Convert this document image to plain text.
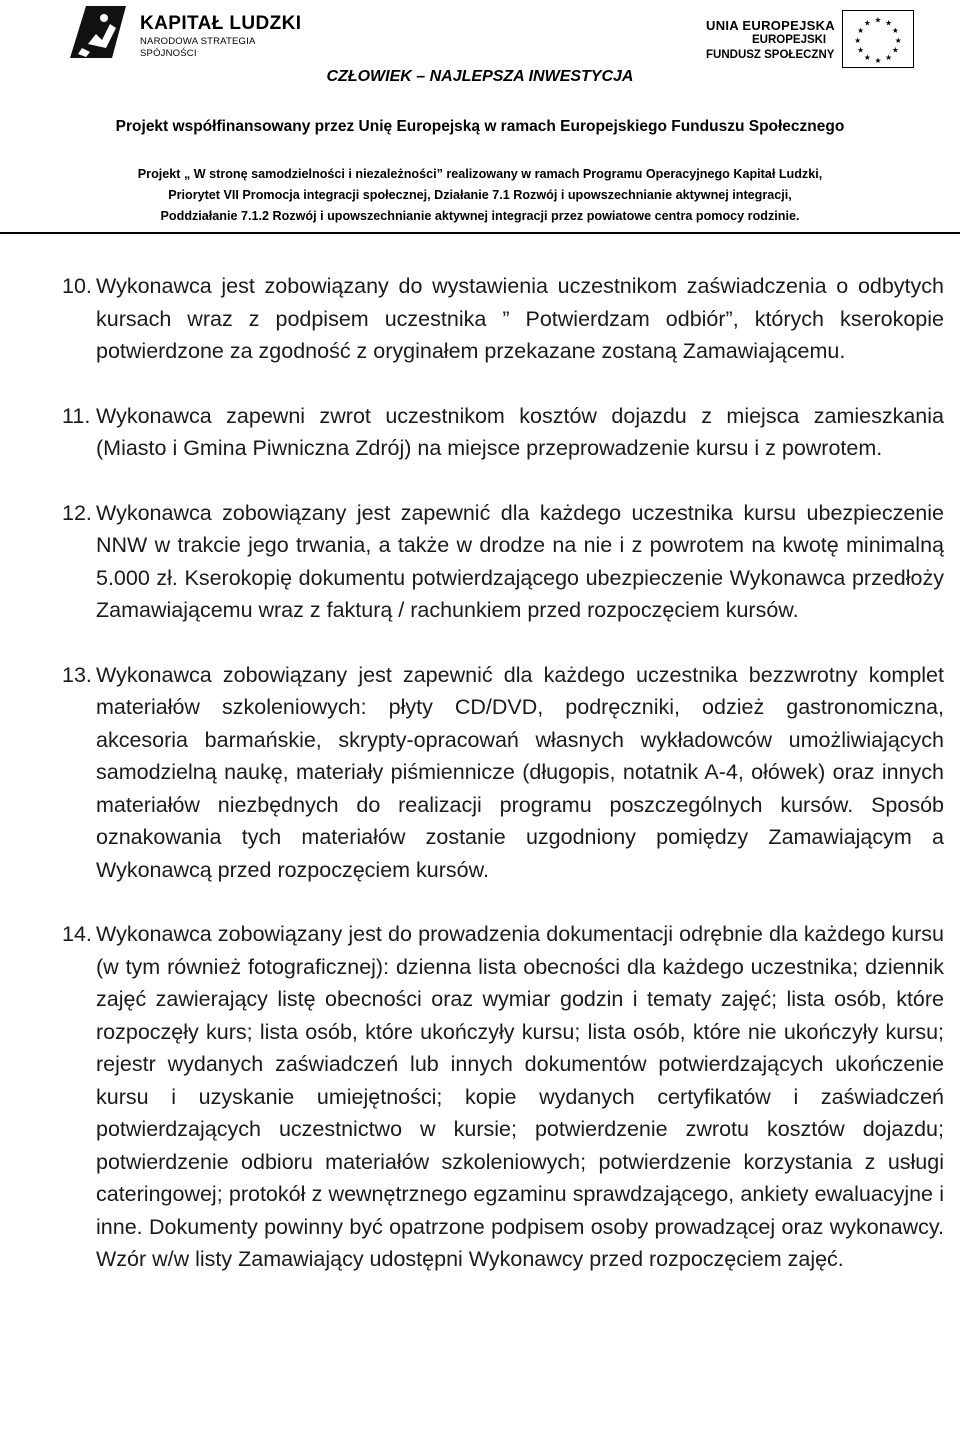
KAPITAŁ LUDZKI
NARODOWA STRATEGIA SPÓJNOŚCI
UNIA EUROPEJSKA
EUROPEJSKI
FUNDUSZ SPOŁECZNY
★ ★
★
★
★
★
★
★
★
★
★
★
CZŁOWIEK – NAJLEPSZA INWESTYCJA
Projekt współfinansowany przez Unię Europejską w ramach Europejskiego Funduszu Społecznego
Projekt „ W stronę samodzielności i niezależności” realizowany w ramach Programu Operacyjnego Kapitał Ludzki,
Priorytet VII Promocja integracji społecznej, Działanie 7.1 Rozwój i upowszechnianie aktywnej integracji,
Poddziałanie 7.1.2 Rozwój i upowszechnianie aktywnej integracji przez powiatowe centra pomocy rodzinie.
10. Wykonawca jest zobowiązany do wystawienia uczestnikom zaświadczenia o odbytych kursach wraz z podpisem uczestnika ” Potwierdzam odbiór”, których kserokopie potwierdzone za zgodność z oryginałem przekazane zostaną Zamawiającemu.
11. Wykonawca zapewni zwrot uczestnikom kosztów dojazdu z miejsca zamieszkania (Miasto i Gmina Piwniczna Zdrój) na miejsce przeprowadzenie kursu i z powrotem.
12. Wykonawca zobowiązany jest zapewnić dla każdego uczestnika kursu ubezpieczenie NNW w trakcie jego trwania, a także w drodze na nie i z powrotem na kwotę minimalną 5.000 zł. Kserokopię dokumentu potwierdzającego ubezpieczenie Wykonawca przedłoży Zamawiającemu wraz z fakturą / rachunkiem przed rozpoczęciem kursów.
13. Wykonawca zobowiązany jest zapewnić dla każdego uczestnika bezzwrotny komplet materiałów szkoleniowych: płyty CD/DVD, podręczniki, odzież gastronomiczna, akcesoria barmańskie, skrypty-opracowań własnych wykładowców umożliwiających samodzielną naukę, materiały piśmiennicze (długopis, notatnik A-4, ołówek) oraz innych materiałów niezbędnych do realizacji programu poszczególnych kursów. Sposób oznakowania tych materiałów zostanie uzgodniony pomiędzy Zamawiającym a Wykonawcą przed rozpoczęciem kursów.
14. Wykonawca zobowiązany jest do prowadzenia dokumentacji odrębnie dla każdego kursu (w tym również fotograficznej): dzienna lista obecności dla każdego uczestnika; dziennik zajęć zawierający listę obecności oraz wymiar godzin i tematy zajęć; lista osób, które rozpoczęły kurs; lista osób, które ukończyły kursu; lista osób, które nie ukończyły kursu; rejestr wydanych zaświadczeń lub innych dokumentów potwierdzających ukończenie kursu i uzyskanie umiejętności; kopie wydanych certyfikatów i zaświadczeń potwierdzających uczestnictwo w kursie; potwierdzenie zwrotu kosztów dojazdu; potwierdzenie odbioru materiałów szkoleniowych; potwierdzenie korzystania z usługi cateringowej; protokół z wewnętrznego egzaminu sprawdzającego, ankiety ewaluacyjne i inne. Dokumenty powinny być opatrzone podpisem osoby prowadzącej oraz wykonawcy. Wzór w/w listy Zamawiający udostępni Wykonawcy przed rozpoczęciem zajęć.
